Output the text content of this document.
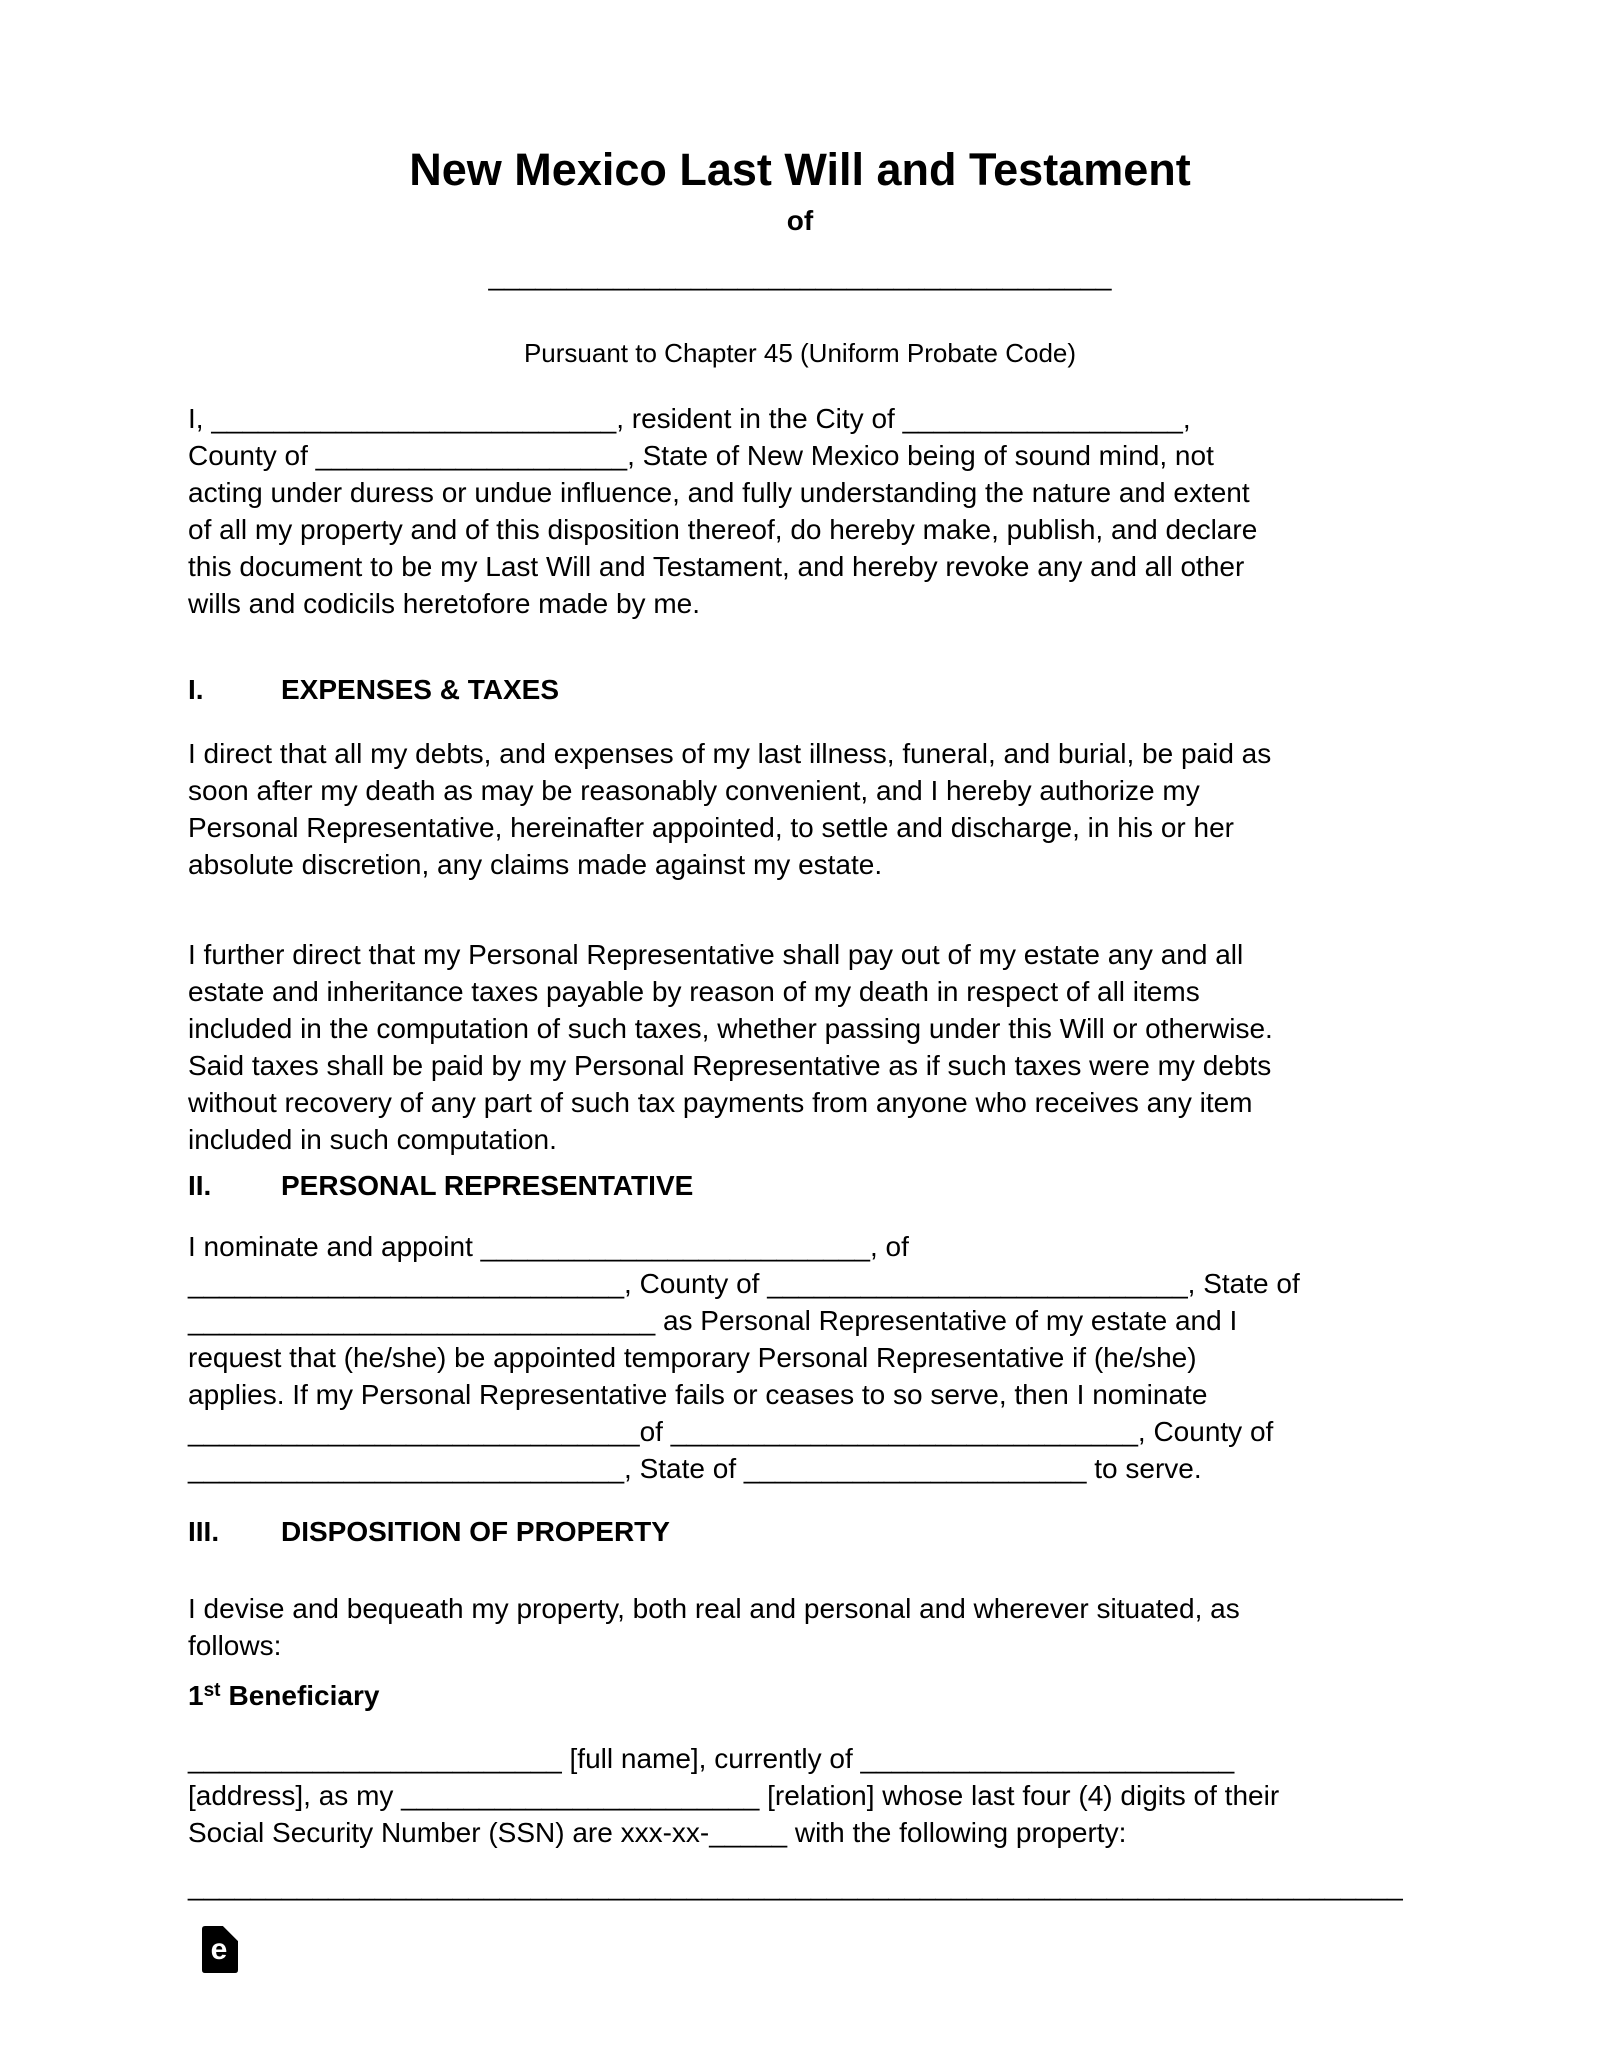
New Mexico Last Will and Testament
of
________________________________________
Pursuant to Chapter 45 (Uniform Probate Code)
I, __________________________, resident in the City of __________________,
County of ____________________, State of New Mexico being of sound mind, not
acting under duress or undue influence, and fully understanding the nature and extent
of all my property and of this disposition thereof, do hereby make, publish, and declare
this document to be my Last Will and Testament, and hereby revoke any and all other
wills and codicils heretofore made by me.
I.	EXPENSES & TAXES
I direct that all my debts, and expenses of my last illness, funeral, and burial, be paid as
soon after my death as may be reasonably convenient, and I hereby authorize my
Personal Representative, hereinafter appointed, to settle and discharge, in his or her
absolute discretion, any claims made against my estate.
I further direct that my Personal Representative shall pay out of my estate any and all
estate and inheritance taxes payable by reason of my death in respect of all items
included in the computation of such taxes, whether passing under this Will or otherwise.
Said taxes shall be paid by my Personal Representative as if such taxes were my debts
without recovery of any part of such tax payments from anyone who receives any item
included in such computation.
II. PERSONAL REPRESENTATIVE
I nominate and appoint _________________________, of
____________________________, County of ___________________________, State of
______________________________ as Personal Representative of my estate and I
request that (he/she) be appointed temporary Personal Representative if (he/she)
applies. If my Personal Representative fails or ceases to so serve, then I nominate
_____________________________of ______________________________, County of
____________________________, State of ______________________ to serve.
III. DISPOSITION OF PROPERTY
I devise and bequeath my property, both real and personal and wherever situated, as
follows:
1st Beneficiary
________________________ [full name], currently of ________________________
[address], as my _______________________ [relation] whose last four (4) digits of their
Social Security Number (SSN) are xxx-xx-_____ with the following property:
______________________________________________________________________________
e
